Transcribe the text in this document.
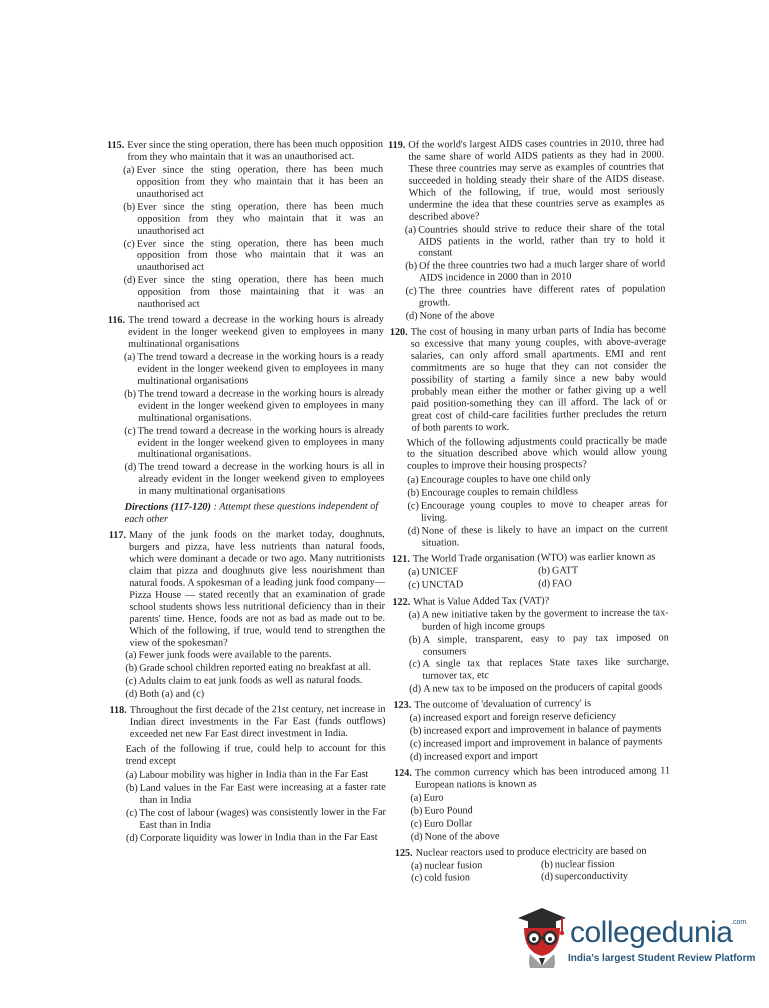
115. Ever since the sting operation, there has been much opposition from they who maintain that it was an unauthorised act.
(a) Ever since the sting operation, there has been much opposition from they who maintain that it has been an unauthorised act
(b) Ever since the sting operation, there has been much opposition from they who maintain that it was an unauthorised act
(c) Ever since the sting operation, there has been much opposition from those who maintain that it was an unauthorised act
(d) Ever since the sting operation, there has been much opposition from those maintaining that it was an nauthorised act
116. The trend toward a decrease in the working hours is already evident in the longer weekend given to employees in many multinational organisations
(a) The trend toward a decrease in the working hours is a ready evident in the longer weekend given to employees in many multinational organisations
(b) The trend toward a decrease in the working hours is already evident in the longer weekend given to employees in many multinational organisations.
(c) The trend toward a decrease in the working hours is already evident in the longer weekend given to employees in many multinational organisations.
(d) The trend toward a decrease in the working hours is all in already evident in the longer weekend given to employees in many multinational organisations
Directions (117-120) : Attempt these questions independent of each other
117. Many of the junk foods on the market today, doughnuts, burgers and pizza, have less nutrients than natural foods, which were dominant a decade or two ago. Many nutritionists claim that pizza and doughnuts give less nourishment than natural foods. A spokesman of a leading junk food company—Pizza House — stated recently that an examination of grade school students shows less nutritional deficiency than in their parents' time. Hence, foods are not as bad as made out to be. Which of the following, if true, would tend to strengthen the view of the spokesman?
(a) Fewer junk foods were available to the parents.
(b) Grade school children reported eating no breakfast at all.
(c) Adults claim to eat junk foods as well as natural foods.
(d) Both (a) and (c)
118. Throughout the first decade of the 21st century, net increase in Indian direct investments in the Far East (funds outflows) exceeded net new Far East direct investment in India.
Each of the following if true, could help to account for this trend except
(a) Labour mobility was higher in India than in the Far East
(b) Land values in the Far East were increasing at a faster rate than in India
(c) The cost of labour (wages) was consistently lower in the Far East than in India
(d) Corporate liquidity was lower in India than in the Far East
119. Of the world's largest AIDS cases countries in 2010, three had the same share of world AIDS patients as they had in 2000. These three countries may serve as examples of countries that succeeded in holding steady their share of the AIDS disease. Which of the following, if true, would most seriously undermine the idea that these countries serve as examples as described above?
(a) Countries should strive to reduce their share of the total AIDS patients in the world, rather than try to hold it constant
(b) Of the three countries two had a much larger share of world AIDS incidence in 2000 than in 2010
(c) The three countries have different rates of population growth.
(d) None of the above
120. The cost of housing in many urban parts of India has become so excessive that many young couples, with above-average salaries, can only afford small apartments. EMI and rent commitments are so huge that they can not consider the possibility of starting a family since a new baby would probably mean either the mother or father giving up a well paid position-something they can ill afford. The lack of or great cost of child-care facilities further precludes the return of both parents to work.
Which of the following adjustments could practically be made to the situation described above which would allow young couples to improve their housing prospects?
(a) Encourage couples to have one child only
(b) Encourage couples to remain childless
(c) Encourage young couples to move to cheaper areas for living.
(d) None of these is likely to have an impact on the current situation.
121. The World Trade organisation (WTO) was earlier known as
(a) UNICEF	(b) GATT
(c) UNCTAD	(d) FAO
122. What is Value Added Tax (VAT)?
(a) A new initiative taken by the goverment to increase the tax-burden of high income groups
(b) A simple, transparent, easy to pay tax imposed on consumers
(c) A single tax that replaces State taxes like surcharge, turnover tax, etc
(d) A new tax to be imposed on the producers of capital goods
123. The outcome of 'devaluation of currency' is
(a) increased export and foreign reserve deficiency
(b) increased export and improvement in balance of payments
(c) increased import and improvement in balance of payments
(d) increased export and import
124. The common currency which has been introduced among 11 European nations is known as
(a) Euro
(b) Euro Pound
(c) Euro Dollar
(d) None of the above
125. Nuclear reactors used to produce electricity are based on
(a) nuclear fusion	(b) nuclear fission
(c) cold fusion	(d) superconductivity
collegedunia
.com
India's largest Student Review Platform
